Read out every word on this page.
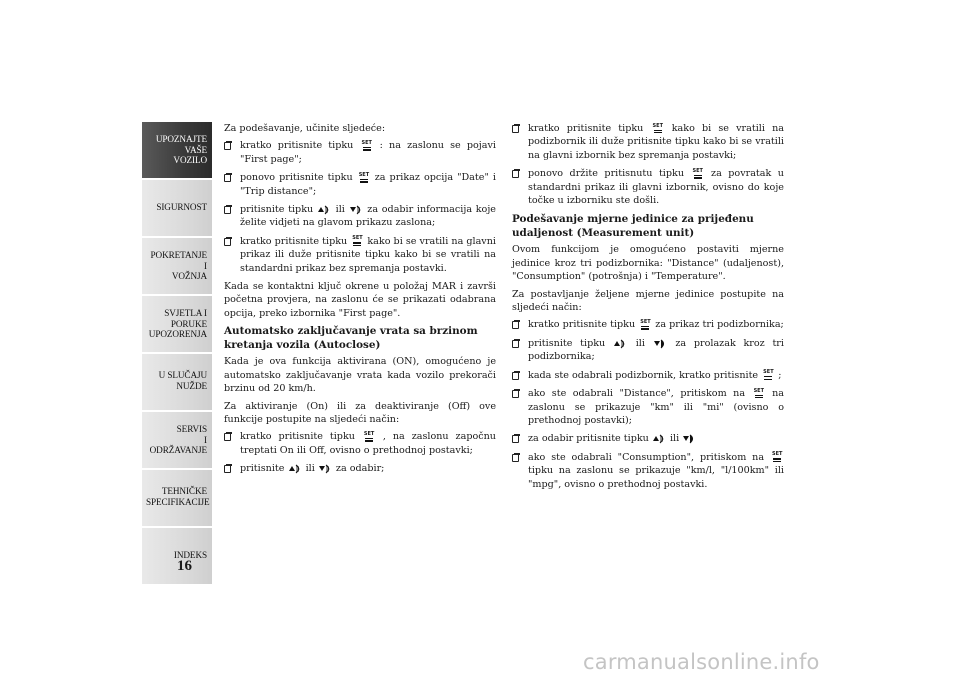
UPOZNAJTE
VAŠE
VOZILO
SIGURNOST
POKRETANJE
I
VOŽNJA
SVJETLA I
PORUKE
UPOZORENJA
U SLUČAJU
NUŽDE
SERVIS
I
ODRŽAVANJE
TEHNIČKE
SPECIFIKACIJE
INDEKS
16

Za podešavanje, učinite sljedeće:

kratko pritisnite tipku SET : na zaslonu se pojavi "First page";
ponovo pritisnite tipku SET za prikaz opcija "Date" i "Trip distance";
pritisnite tipku ili za odabir informacija koje želite vidjeti na glavom prikazu zaslona;
kratko pritisnite tipku SET kako bi se vratili na glavni prikaz ili duže pritisnite tipku kako bi se vratili na standardni prikaz bez spremanja postavki.

Kada se kontaktni ključ okrene u položaj MAR i završi početna provjera, na zaslonu će se prikazati odabrana opcija, preko izbornika "First page".

Automatsko zaključavanje vrata sa brzinom kretanja vozila (Autoclose)

Kada je ova funkcija aktivirana (ON), omogućeno je automatsko zaključavanje vrata kada vozilo prekorači brzinu od 20 km/h.

Za aktiviranje (On) ili za deaktiviranje (Off) ove funkcije postupite na sljedeći način:

kratko pritisnite tipku SET , na zaslonu započnu treptati On ili Off, ovisno o prethodnoj postavki;
pritisnite ili za odabir;
kratko pritisnite tipku SET kako bi se vratili na podizbornik ili duže pritisnite tipku kako bi se vratili na glavni izbornik bez spremanja postavki;
ponovo držite pritisnutu tipku SET za povratak u standardni prikaz ili glavni izbornik, ovisno do koje točke u izborniku ste došli.
Podešavanje mjerne jedinice za prijeđenu udaljenost (Measurement unit)

Ovom funkcijom je omogućeno postaviti mjerne jedinice kroz tri podizbornika: "Distance" (udaljenost), "Consumption" (potrošnja) i "Temperature".

Za postavljanje željene mjerne jedinice postupite na sljedeći način:

kratko pritisnite tipku SET za prikaz tri podizbornika;
pritisnite tipku	ili	za prolazak kroz tri podizbornika;
kada ste odabrali podizbornik, kratko pritisnite SET ;
ako ste odabrali "Distance", pritiskom na SET na zaslonu se prikazuje "km" ili "mi" (ovisno o prethodnoj postavki);
za odabir pritisnite tipku ili
ako ste odabrali "Consumption", pritiskom na SET
tipku na zaslonu se prikazuje "km/l, "l/100km" ili "mpg", ovisno o prethodnoj postavki.
carmanualsonline.info
